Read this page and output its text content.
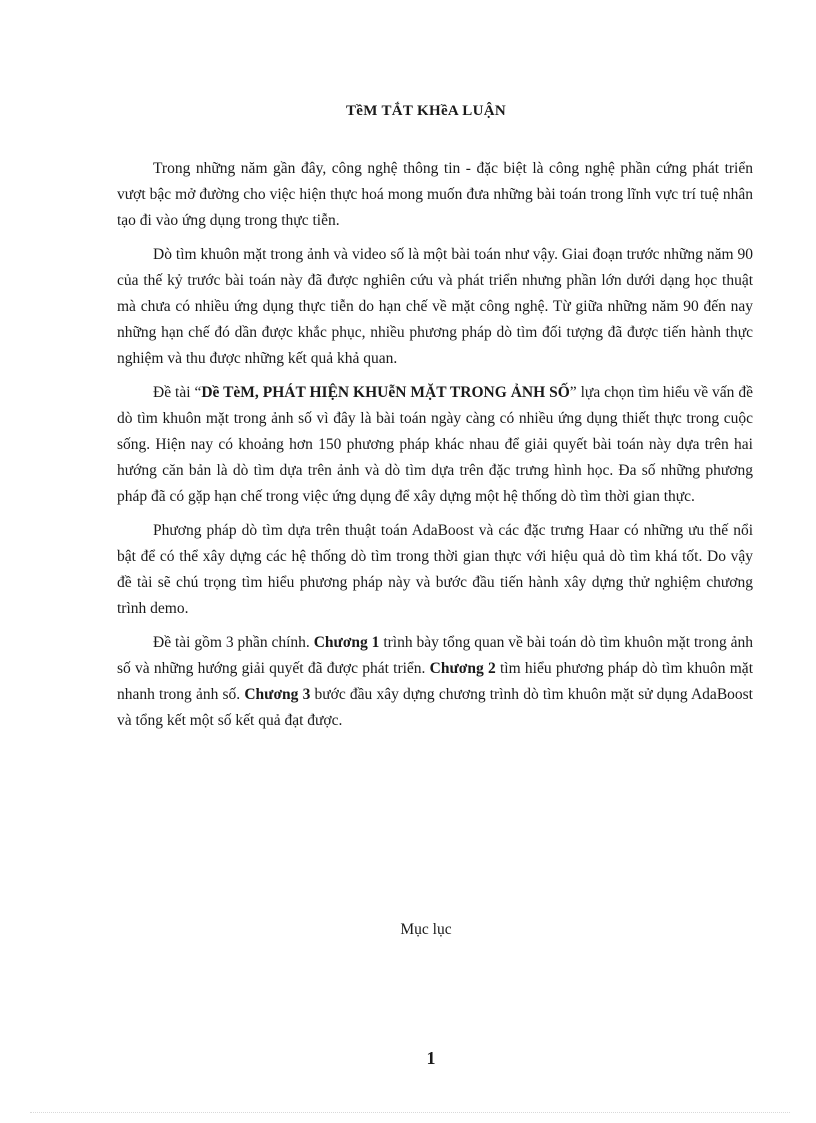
TềM TẮT KHềA LUẬN

Trong những năm gần đây, công nghệ thông tin - đặc biệt là công nghệ phần cứng phát triển vượt bậc mở đường cho việc hiện thực hoá mong muốn đưa những bài toán trong lĩnh vực trí tuệ nhân tạo đi vào ứng dụng trong thực tiễn.

Dò tìm khuôn mặt trong ảnh và video số là một bài toán như vậy. Giai đoạn trước những năm 90 của thế kỷ trước bài toán này đã được nghiên cứu và phát triển nhưng phần lớn dưới dạng học thuật mà chưa có nhiều ứng dụng thực tiễn do hạn chế về mặt công nghệ. Từ giữa những năm 90 đến nay những hạn chế đó dần được khắc phục, nhiều phương pháp dò tìm đối tượng đã được tiến hành thực nghiệm và thu được những kết quả khả quan.

Đề tài “Dề TèM, PHÁT HIỆN KHUễN MẶT TRONG ẢNH SỐ” lựa chọn tìm hiểu về vấn đề dò tìm khuôn mặt trong ảnh số vì đây là bài toán ngày càng có nhiều ứng dụng thiết thực trong cuộc sống. Hiện nay có khoảng hơn 150 phương pháp khác nhau để giải quyết bài toán này dựa trên hai hướng căn bản là dò tìm dựa trên ảnh và dò tìm dựa trên đặc trưng hình học. Đa số những phương pháp đã có gặp hạn chế trong việc ứng dụng để xây dựng một hệ thống dò tìm thời gian thực.

Phương pháp dò tìm dựa trên thuật toán AdaBoost và các đặc trưng Haar có những ưu thế nổi bật để có thể xây dựng các hệ thống dò tìm trong thời gian thực với hiệu quả dò tìm khá tốt. Do vậy đề tài sẽ chú trọng tìm hiểu phương pháp này và bước đầu tiến hành xây dựng thử nghiệm chương trình demo.

Đề tài gồm 3 phần chính. Chương 1 trình bày tổng quan về bài toán dò tìm khuôn mặt trong ảnh số và những hướng giải quyết đã được phát triển. Chương 2 tìm hiểu phương pháp dò tìm khuôn mặt nhanh trong ảnh số. Chương 3 bước đầu xây dựng chương trình dò tìm khuôn mặt sử dụng AdaBoost và tổng kết một số kết quả đạt được.

Mục lục
1
